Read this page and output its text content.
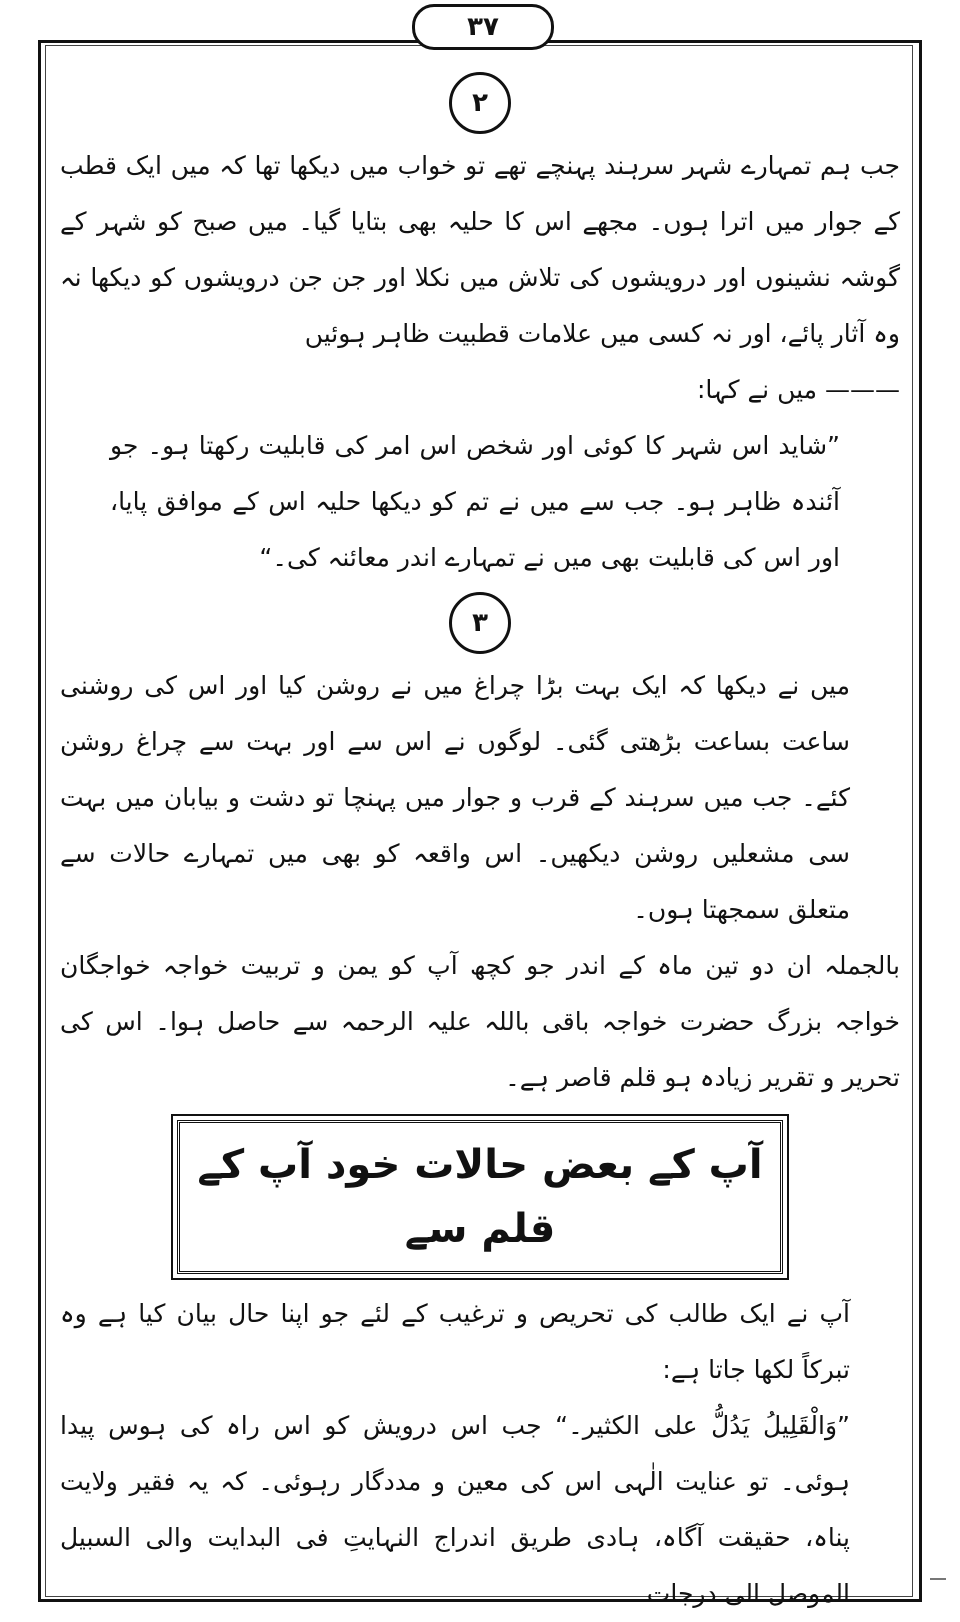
٣٧
۲

جب ہم تمہارے شہر سرہند پہنچے تھے تو خواب میں دیکھا تھا کہ میں ایک قطب کے جوار میں اترا ہوں۔ مجھے اس کا حلیہ بھی بتایا گیا۔ میں صبح کو شہر کے گوشہ نشینوں اور درویشوں کی تلاش میں نکلا اور جن جن درویشوں کو دیکھا نہ وہ آثار پائے، اور نہ کسی میں علامات قطبیت ظاہر ہوئیں

——— میں نے کہا:

”شاید اس شہر کا کوئی اور شخص اس امر کی قابلیت رکھتا ہو۔ جو آئندہ ظاہر ہو۔ جب سے میں نے تم کو دیکھا حلیہ اس کے موافق پایا، اور اس کی قابلیت بھی میں نے تمہارے اندر معائنہ کی۔“

۳

میں نے دیکھا کہ ایک بہت بڑا چراغ میں نے روشن کیا اور اس کی روشنی ساعت بساعت بڑھتی گئی۔ لوگوں نے اس سے اور بہت سے چراغ روشن کئے۔ جب میں سرہند کے قرب و جوار میں پہنچا تو دشت و بیابان میں بہت سی مشعلیں روشن دیکھیں۔ اس واقعہ کو بھی میں تمہارے حالات سے متعلق سمجھتا ہوں۔

بالجملہ ان دو تین ماہ کے اندر جو کچھ آپ کو یمن و تربیت خواجہ خواجگان خواجہ بزرگ حضرت خواجہ باقی باللہ علیہ الرحمہ سے حاصل ہوا۔ اس کی تحریر و تقریر زیادہ ہو قلم قاصر ہے۔

آپ کے بعض حالات خود آپ کے قلم سے

آپ نے ایک طالب کی تحریص و ترغیب کے لئے جو اپنا حال بیان کیا ہے وہ تبرکاً لکھا جاتا ہے:

”وَالْقَلِیلُ یَدُلُّ علی الکثیر۔“ جب اس درویش کو اس راہ کی ہوس پیدا ہوئی۔ تو عنایت الٰہی اس کی معین و مددگار رہوئی۔ کہ یہ فقیر ولایت پناہ، حقیقت آگاہ، ہادی طریق اندراج النہایتِ فی البدایت والی السبیل الموصل الی درجات
